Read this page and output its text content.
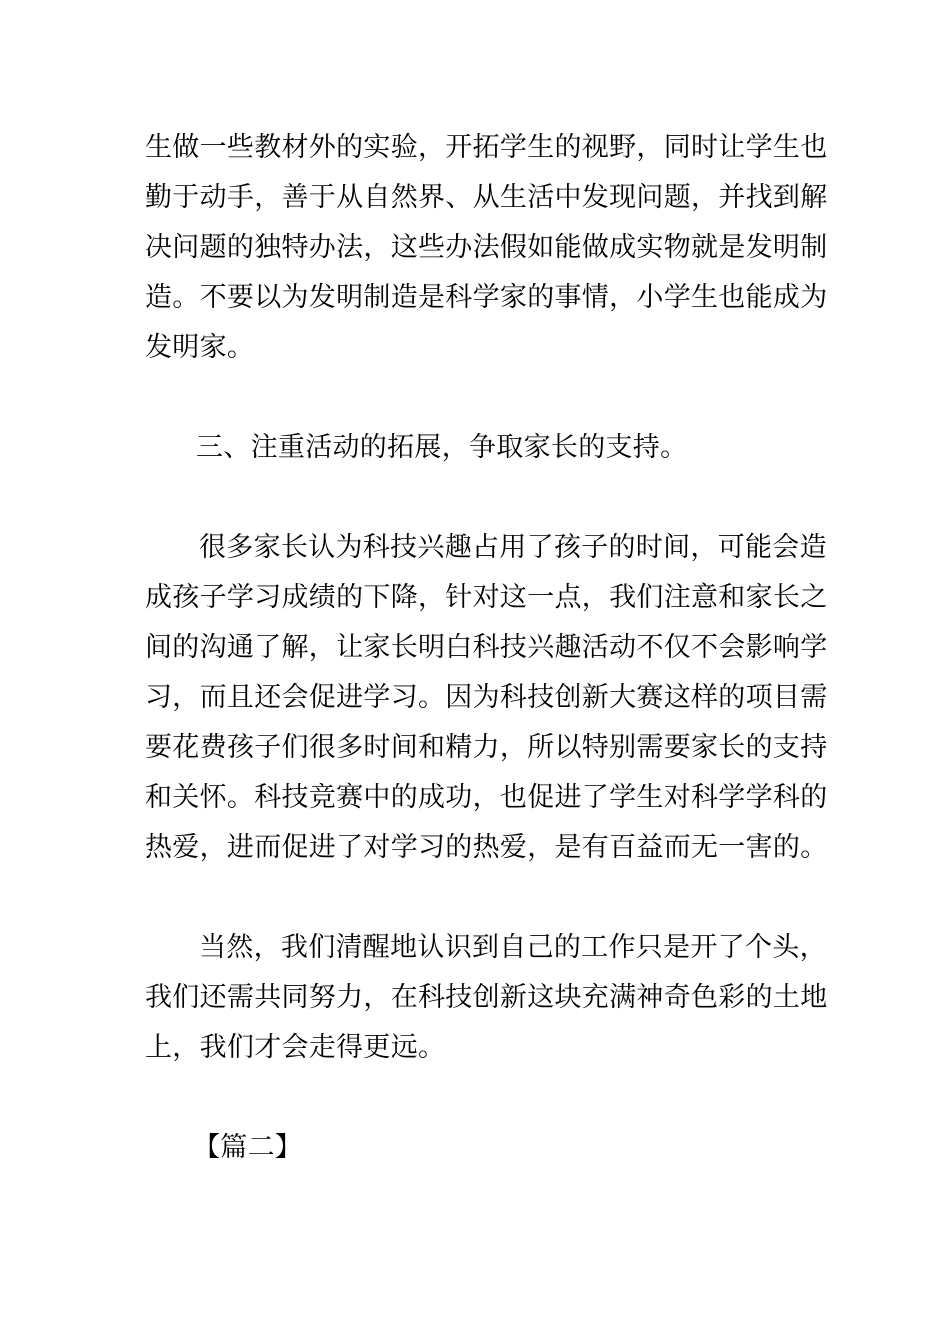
生做一些教材外的实验，开拓学生的视野，同时让学生也
勤于动手，善于从自然界、从生活中发现问题，并找到解
决问题的独特办法，这些办法假如能做成实物就是发明制
造。不要以为发明制造是科学家的事情，小学生也能成为
发明家。
三、注重活动的拓展，争取家长的支持。
很多家长认为科技兴趣占用了孩子的时间，可能会造
成孩子学习成绩的下降，针对这一点，我们注意和家长之
间的沟通了解，让家长明白科技兴趣活动不仅不会影响学
习，而且还会促进学习。因为科技创新大赛这样的项目需
要花费孩子们很多时间和精力，所以特别需要家长的支持
和关怀。科技竞赛中的成功，也促进了学生对科学学科的
热爱，进而促进了对学习的热爱，是有百益而无一害的。
当然，我们清醒地认识到自己的工作只是开了个头，
我们还需共同努力，在科技创新这块充满神奇色彩的土地
上，我们才会走得更远。
【篇二】
